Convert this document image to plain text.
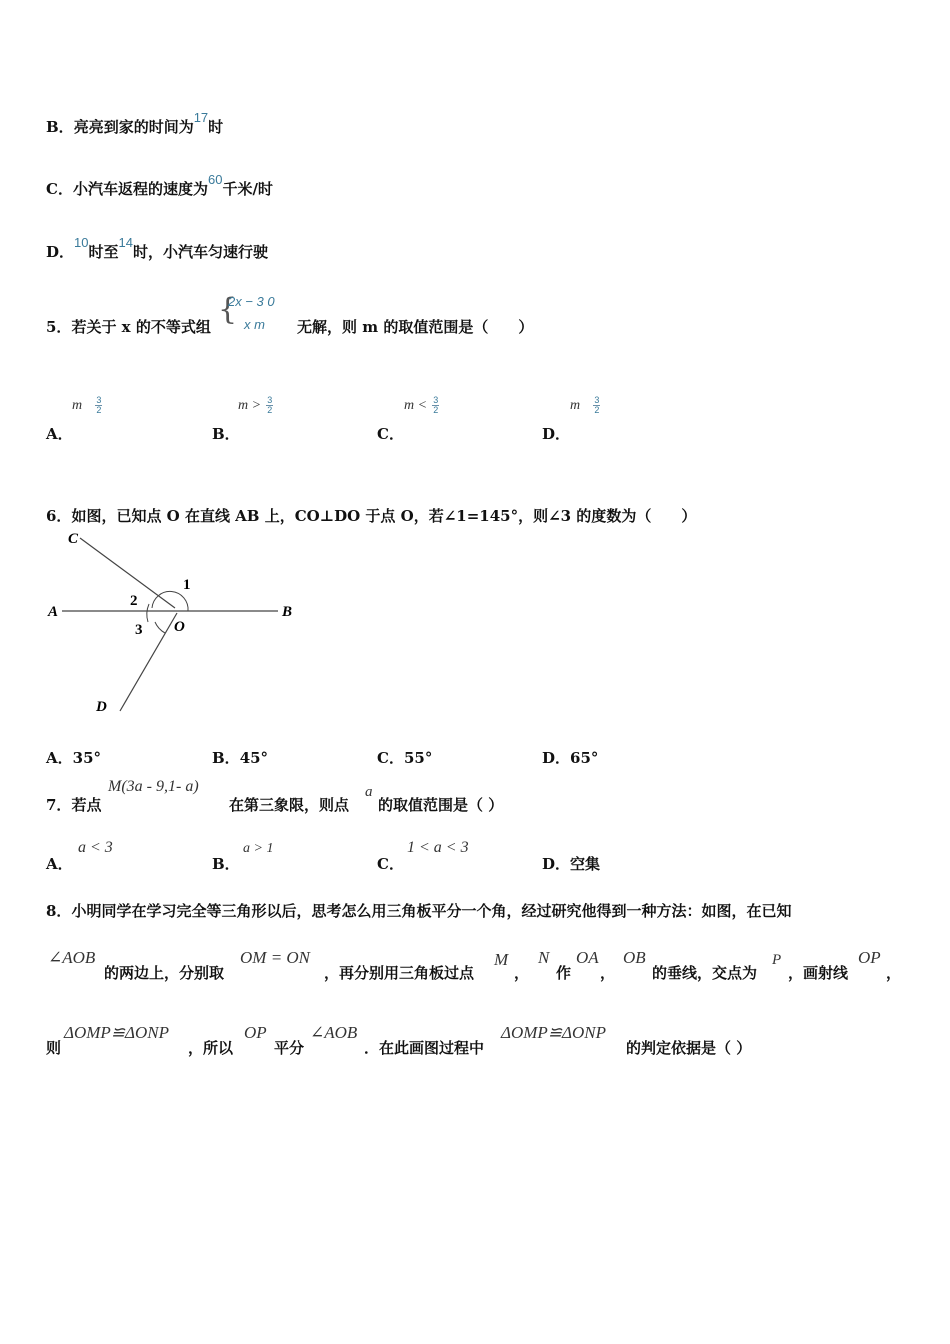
B．亮亮到家的时间为17时
C．小汽车返程的速度为60千米/时
D．10时至14时，小汽车匀速行驶
5．若关于 x 的不等式组 {
2x − 3 0
x m 无解，则 m 的取值范围是（　　）
m $\frac{3}{2}$
A．
$m > \frac{3}{2}$
B．
$m < \frac{3}{2}$
C．
m $\frac{3}{2}$
D．
6．如图，已知点 O 在直线 AB 上，CO⊥DO 于点 O，若∠1=145°，则∠3 的度数为（　　）
C
A	B
O
D
1
2
3
A．35°	B．45°	C．55°	D．65°
7．若点
M(3a - 9,1- a)
在第三象限，则点
a
的取值范围是（ ）
A．
a < 3
B．
a > 1
C．
1 < a < 3
D．空集
8．小明同学在学习完全等三角形以后，思考怎么用三角板平分一个角，经过研究他得到一种方法：如图，在已知
∠AOB
的两边上，分别取
OM = ON
，再分别用三角板过点
M
，
N
作
OA
，
OB
的垂线，交点为
P
，画射线
OP
，
则
ΔOMP≌ΔONP
，所以
OP
平分
∠AOB
．在此画图过程中
ΔOMP≌ΔONP
的判定依据是（ ）
